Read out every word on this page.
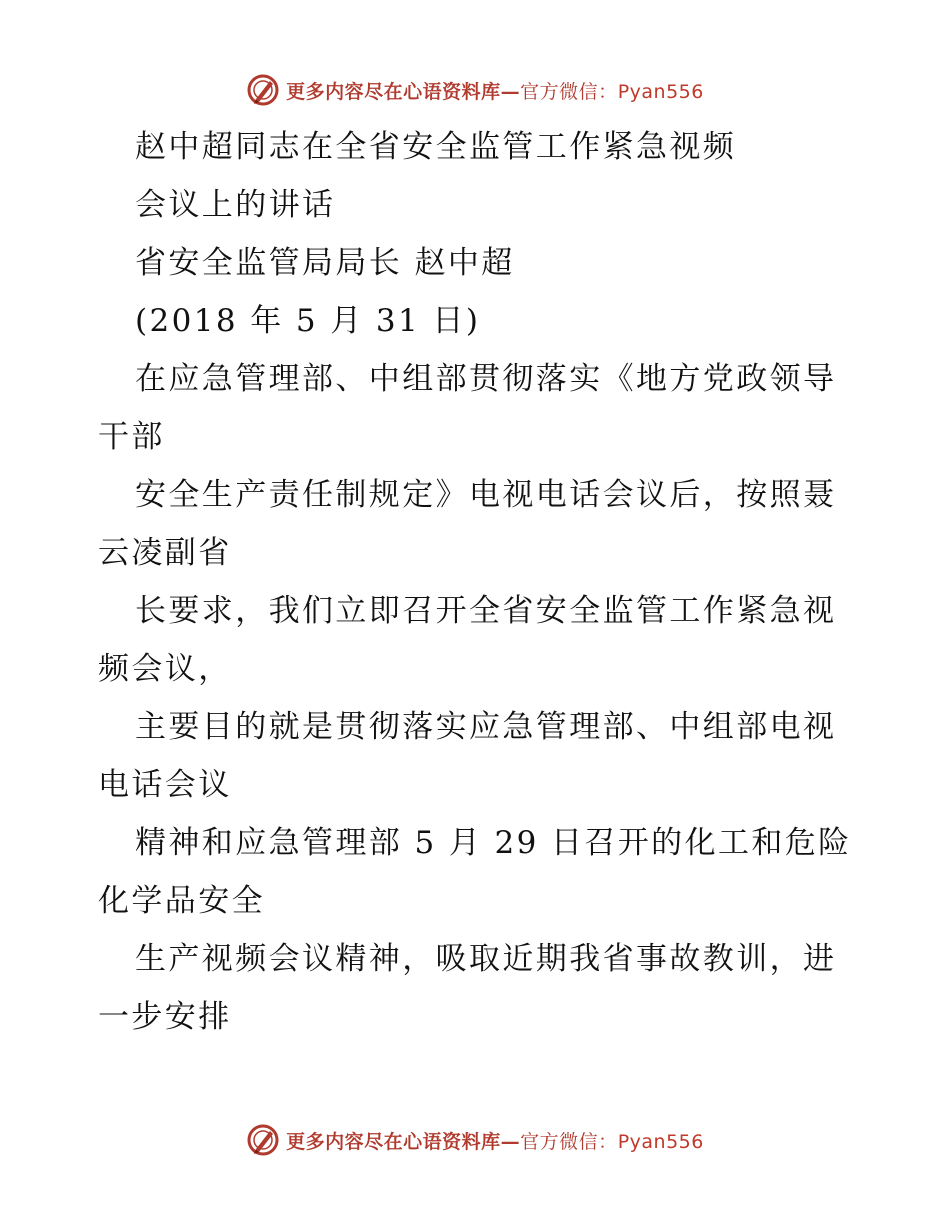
更多内容尽在心语资料库—官方微信：Pyan556
赵中超同志在全省安全监管工作紧急视频
会议上的讲话
省安全监管局局长 赵中超
(2018 年 5 月 31 日)
在应急管理部、中组部贯彻落实《地方党政领导
干部
安全生产责任制规定》电视电话会议后，按照聂
云凌副省
长要求，我们立即召开全省安全监管工作紧急视
频会议，
主要目的就是贯彻落实应急管理部、中组部电视
电话会议
精神和应急管理部 5 月 29 日召开的化工和危险
化学品安全
生产视频会议精神，吸取近期我省事故教训，进
一步安排
更多内容尽在心语资料库—官方微信：Pyan556
